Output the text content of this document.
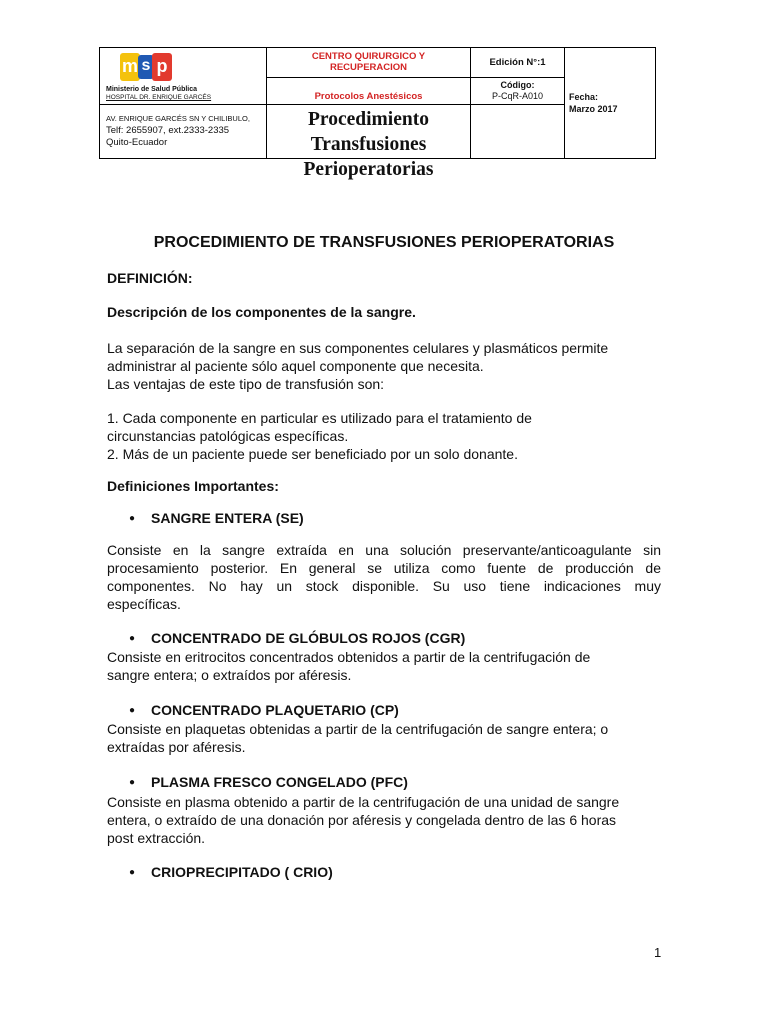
m s p
Ministerio de Salud Pública
HOSPITAL DR. ENRIQUE GARCÉS
AV. ENRIQUE GARCÉS SN Y CHILIBULO,
Telf: 2655907, ext.2333-2335
Quito-Ecuador
CENTRO QUIRURGICO Y RECUPERACION
Protocolos Anestésicos
Procedimiento Transfusiones
Perioperatorias
Edición N°:1
Código:
P-CqR-A010	Fecha:
Marzo 2017
PROCEDIMIENTO DE TRANSFUSIONES PERIOPERATORIAS
DEFINICIÓN:
Descripción de los componentes de la sangre.
La separación de la sangre en sus componentes celulares y plasmáticos permite
administrar al paciente sólo aquel componente que necesita.
Las ventajas de este tipo de transfusión son:
1. Cada componente en particular es utilizado para el tratamiento de
circunstancias patológicas específicas.
2. Más de un paciente puede ser beneficiado por un solo donante.
Definiciones Importantes:
● SANGRE ENTERA (SE)
Consiste en la sangre extraída en una solución preservante/anticoagulante sin
procesamiento posterior. En general se utiliza como fuente de producción de
componentes. No hay un stock disponible. Su uso tiene indicaciones muy
específicas.
● CONCENTRADO DE GLÓBULOS ROJOS (CGR)
Consiste en eritrocitos concentrados obtenidos a partir de la centrifugación de
sangre entera; o extraídos por aféresis.
● CONCENTRADO PLAQUETARIO (CP)
Consiste en plaquetas obtenidas a partir de la centrifugación de sangre entera; o
extraídas por aféresis.
● PLASMA FRESCO CONGELADO (PFC)
Consiste en plasma obtenido a partir de la centrifugación de una unidad de sangre
entera, o extraído de una donación por aféresis y congelada dentro de las 6 horas
post extracción.
● CRIOPRECIPITADO ( CRIO)
1
